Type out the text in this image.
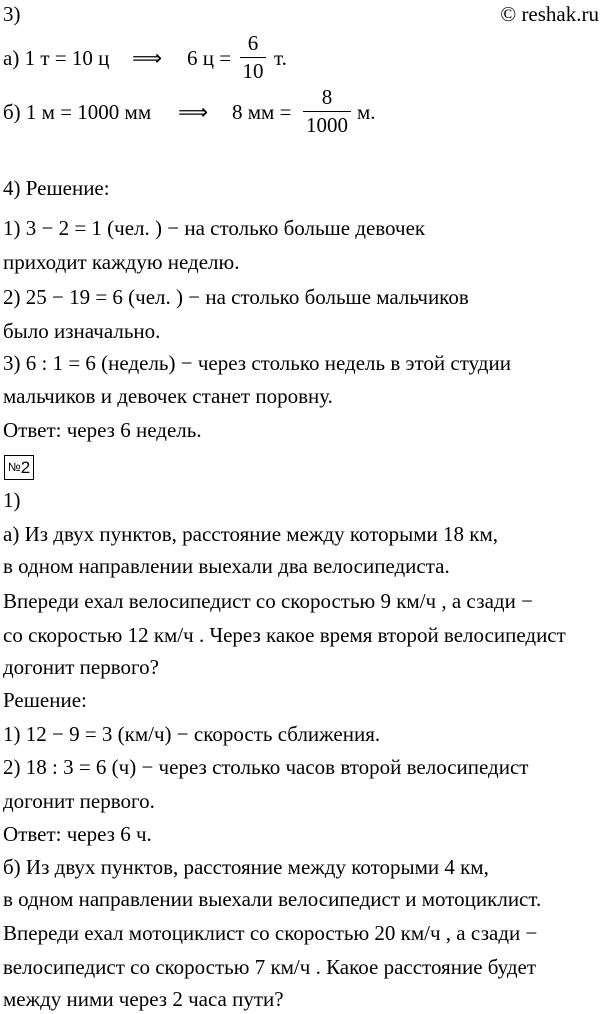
3)	© reshak.ru
а) 1 т = 10 ц ⟹ 6 ц =
6
10
т.
б) 1 м = 1000 мм ⟹ 8 мм =
8
1000
м.
4) Решение:
1) 3 − 2 = 1 (чел. ) − на столько больше девочек
приходит каждую неделю.
2) 25 − 19 = 6 (чел. ) − на столько больше мальчиков
было изначально.
3) 6 : 1 = 6 (недель) − через столько недель в этой студии
мальчиков и девочек станет поровну.
Ответ: через 6 недель.
№2
1)
а) Из двух пунктов, расстояние между которыми 18 км,
в одном направлении выехали два велосипедиста.
Впереди ехал велосипедист со скоростью 9 км/ч , а сзади −
со скоростью 12 км/ч . Через какое время второй велосипедист
догонит первого?
Решение:
1) 12 − 9 = 3 (км/ч) − скорость сближения.
2) 18 : 3 = 6 (ч) − через столько часов второй велосипедист
догонит первого.
Ответ: через 6 ч.
б) Из двух пунктов, расстояние между которыми 4 км,
в одном направлении выехали велосипедист и мотоциклист.
Впереди ехал мотоциклист со скоростью 20 км/ч , а сзади −
велосипедист со скоростью 7 км/ч . Какое расстояние будет
между ними через 2 часа пути?
